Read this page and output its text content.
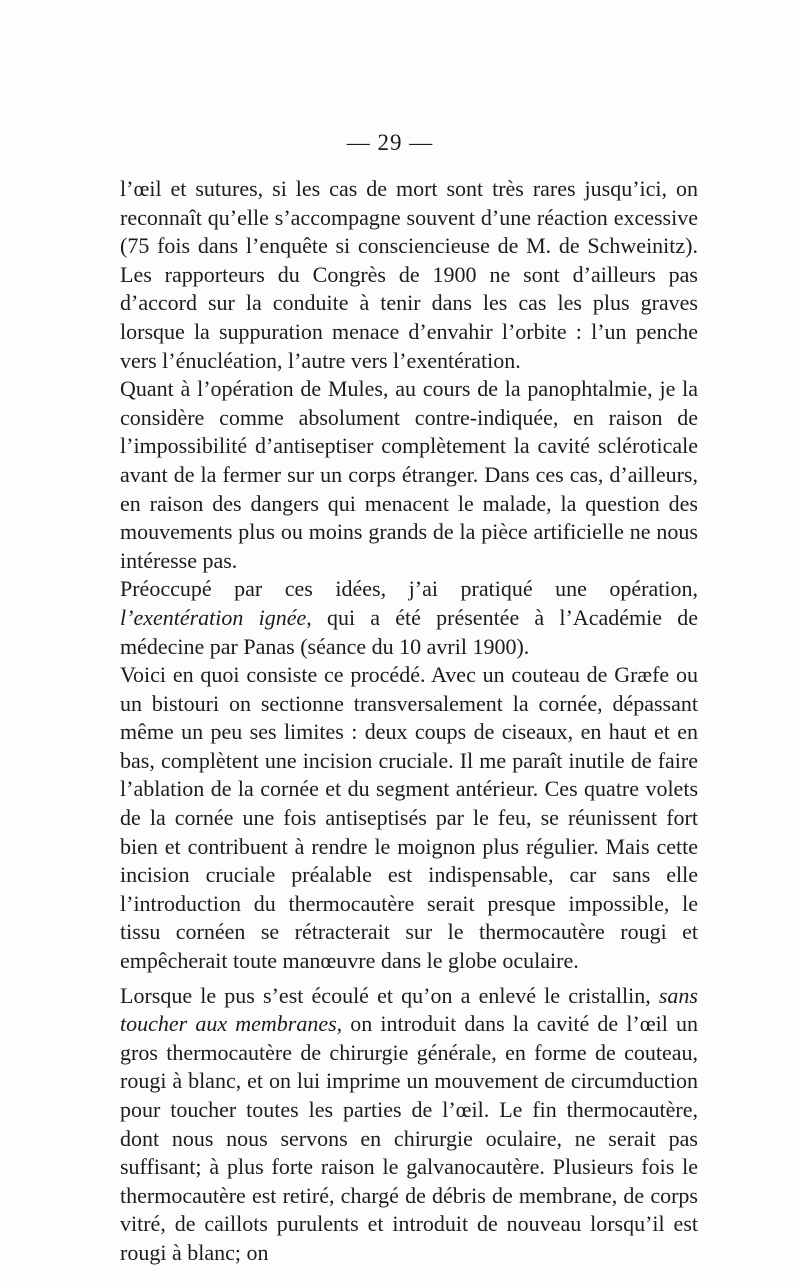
— 29 —

l’œil et sutures, si les cas de mort sont très rares jusqu’ici, on reconnaît qu’elle s’accompagne souvent d’une réaction excessive (75 fois dans l’enquête si consciencieuse de M. de Schweinitz). Les rapporteurs du Congrès de 1900 ne sont d’ailleurs pas d’accord sur la conduite à tenir dans les cas les plus graves lorsque la suppuration menace d’envahir l’orbite : l’un penche vers l’énucléation, l’autre vers l’exentération.

Quant à l’opération de Mules, au cours de la panophtalmie, je la considère comme absolument contre-indiquée, en raison de l’impossibilité d’antiseptiser complètement la cavité scléroticale avant de la fermer sur un corps étranger. Dans ces cas, d’ailleurs, en raison des dangers qui menacent le malade, la question des mouvements plus ou moins grands de la pièce artificielle ne nous intéresse pas.

Préoccupé par ces idées, j’ai pratiqué une opération, l’exentération ignée, qui a été présentée à l’Académie de médecine par Panas (séance du 10 avril 1900).

Voici en quoi consiste ce procédé. Avec un couteau de Græfe ou un bistouri on sectionne transversalement la cornée, dépassant même un peu ses limites : deux coups de ciseaux, en haut et en bas, complètent une incision cruciale. Il me paraît inutile de faire l’ablation de la cornée et du segment antérieur. Ces quatre volets de la cornée une fois antiseptisés par le feu, se réunissent fort bien et contribuent à rendre le moignon plus régulier. Mais cette incision cruciale préalable est indispensable, car sans elle l’introduction du thermocautère serait presque impossible, le tissu cornéen se rétracterait sur le thermocautère rougi et empêcherait toute manœuvre dans le globe oculaire.

Lorsque le pus s’est écoulé et qu’on a enlevé le cristallin, sans toucher aux membranes, on introduit dans la cavité de l’œil un gros thermocautère de chirurgie générale, en forme de couteau, rougi à blanc, et on lui imprime un mouvement de circumduction pour toucher toutes les parties de l’œil. Le fin thermocautère, dont nous nous servons en chirurgie oculaire, ne serait pas suffisant; à plus forte raison le galvanocautère. Plusieurs fois le thermocautère est retiré, chargé de débris de membrane, de corps vitré, de caillots purulents et introduit de nouveau lorsqu’il est rougi à blanc; on
